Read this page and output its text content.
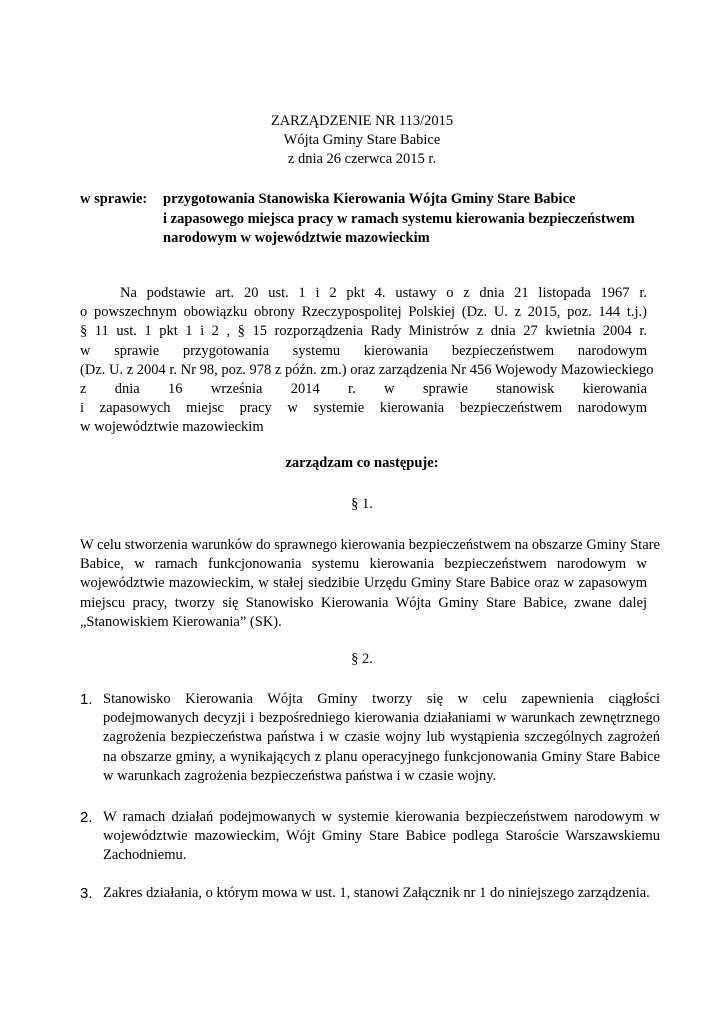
ZARZĄDZENIE NR 113/2015
Wójta Gminy Stare Babice
z dnia 26 czerwca 2015 r.
w sprawie: przygotowania Stanowiska Kierowania Wójta Gminy Stare Babice
i zapasowego miejsca pracy w ramach systemu kierowania bezpieczeństwem
narodowym w województwie mazowieckim
Na podstawie art. 20 ust. 1 i 2 pkt 4. ustawy o z dnia 21 listopada 1967 r.
o powszechnym obowiązku obrony Rzeczypospolitej Polskiej (Dz. U. z 2015, poz. 144 t.j.)
§ 11 ust. 1 pkt 1 i 2 , § 15 rozporządzenia Rady Ministrów z dnia 27 kwietnia 2004 r.
w sprawie przygotowania systemu kierowania bezpieczeństwem narodowym
(Dz. U. z 2004 r. Nr 98, poz. 978 z późn. zm.) oraz zarządzenia Nr 456 Wojewody Mazowieckiego
z dnia 16 września 2014 r. w sprawie stanowisk kierowania
i zapasowych miejsc pracy w systemie kierowania bezpieczeństwem narodowym
w województwie mazowieckim
zarządzam co następuje:
§ 1.
W celu stworzenia warunków do sprawnego kierowania bezpieczeństwem na obszarze Gminy Stare
Babice, w ramach funkcjonowania systemu kierowania bezpieczeństwem narodowym w
województwie mazowieckim, w stałej siedzibie Urzędu Gminy Stare Babice oraz w zapasowym
miejscu pracy, tworzy się Stanowisko Kierowania Wójta Gminy Stare Babice, zwane dalej
„Stanowiskiem Kierowania” (SK).
§ 2.
1. Stanowisko Kierowania Wójta Gminy tworzy się w celu zapewnienia ciągłości
podejmowanych decyzji i bezpośredniego kierowania działaniami w warunkach zewnętrznego
zagrożenia bezpieczeństwa państwa i w czasie wojny lub wystąpienia szczególnych zagrożeń
na obszarze gminy, a wynikających z planu operacyjnego funkcjonowania Gminy Stare Babice
w warunkach zagrożenia bezpieczeństwa państwa i w czasie wojny.
2. W ramach działań podejmowanych w systemie kierowania bezpieczeństwem narodowym w
województwie mazowieckim, Wójt Gminy Stare Babice podlega Staroście Warszawskiemu
Zachodniemu.
3. Zakres działania, o którym mowa w ust. 1, stanowi Załącznik nr 1 do niniejszego zarządzenia.
